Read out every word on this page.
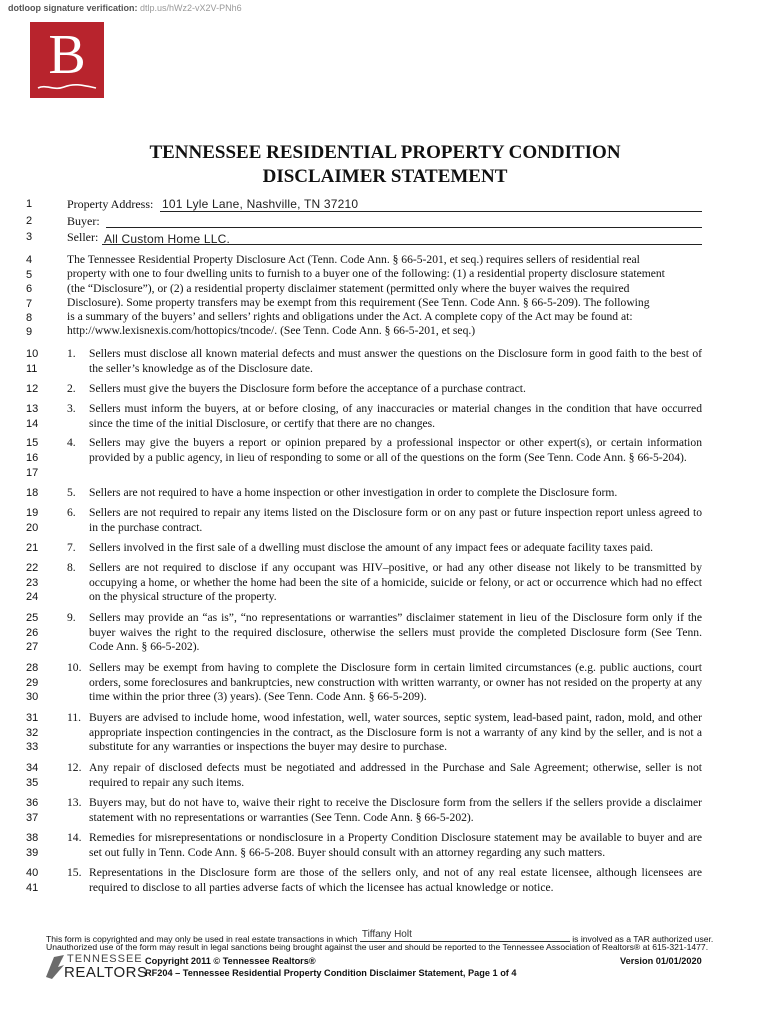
dotloop signature verification: dtlp.us/hWz2-vX2V-PNh6
B
TENNESSEE RESIDENTIAL PROPERTY CONDITION
DISCLAIMER STATEMENT
1
2
3
4
5
6
7
8
9
10
11
12
13
14
15
16
17
18
19
20
21
22
23
24
25
26
27
28
29
30
31
32
33
34
35
36
37
38
39
40
41
Property Address: 101 Lyle Lane, Nashville, TN 37210
Buyer:
Seller: All Custom Home LLC.
The Tennessee Residential Property Disclosure Act (Tenn. Code Ann. § 66-5-201, et seq.) requires sellers of residential real
property with one to four dwelling units to furnish to a buyer one of the following: (1) a residential property disclosure statement
(the “Disclosure”), or (2) a residential property disclaimer statement (permitted only where the buyer waives the required
Disclosure). Some property transfers may be exempt from this requirement (See Tenn. Code Ann. § 66-5-209). The following
is a summary of the buyers’ and sellers’ rights and obligations under the Act. A complete copy of the Act may be found at:
http://www.lexisnexis.com/hottopics/tncode/. (See Tenn. Code Ann. § 66-5-201, et seq.)
1. Sellers must disclose all known material defects and must answer the questions on the Disclosure form in good faith to the best of the seller’s knowledge as of the Disclosure date.
2. Sellers must give the buyers the Disclosure form before the acceptance of a purchase contract.
3. Sellers must inform the buyers, at or before closing, of any inaccuracies or material changes in the condition that have occurred since the time of the initial Disclosure, or certify that there are no changes.
4. Sellers may give the buyers a report or opinion prepared by a professional inspector or other expert(s), or certain information provided by a public agency, in lieu of responding to some or all of the questions on the form (See Tenn. Code Ann. § 66-5-204).
5. Sellers are not required to have a home inspection or other investigation in order to complete the Disclosure form.
6. Sellers are not required to repair any items listed on the Disclosure form or on any past or future inspection report unless agreed to in the purchase contract.
7. Sellers involved in the first sale of a dwelling must disclose the amount of any impact fees or adequate facility taxes paid.
8. Sellers are not required to disclose if any occupant was HIV–positive, or had any other disease not likely to be transmitted by occupying a home, or whether the home had been the site of a homicide, suicide or felony, or act or occurrence which had no effect on the physical structure of the property.
9. Sellers may provide an “as is”, “no representations or warranties” disclaimer statement in lieu of the Disclosure form only if the buyer waives the right to the required disclosure, otherwise the sellers must provide the completed Disclosure form (See Tenn. Code Ann. § 66-5-202).
10. Sellers may be exempt from having to complete the Disclosure form in certain limited circumstances (e.g. public auctions, court orders, some foreclosures and bankruptcies, new construction with written warranty, or owner has not resided on the property at any time within the prior three (3) years). (See Tenn. Code Ann. § 66-5-209).
11. Buyers are advised to include home, wood infestation, well, water sources, septic system, lead-based paint, radon, mold, and other appropriate inspection contingencies in the contract, as the Disclosure form is not a warranty of any kind by the seller, and is not a substitute for any warranties or inspections the buyer may desire to purchase.
12. Any repair of disclosed defects must be negotiated and addressed in the Purchase and Sale Agreement; otherwise, seller is not required to repair any such items.
13. Buyers may, but do not have to, waive their right to receive the Disclosure form from the sellers if the sellers provide a disclaimer statement with no representations or warranties (See Tenn. Code Ann. § 66-5-202).
14. Remedies for misrepresentations or nondisclosure in a Property Condition Disclosure statement may be available to buyer and are set out fully in Tenn. Code Ann. § 66-5-208. Buyer should consult with an attorney regarding any such matters.
15. Representations in the Disclosure form are those of the sellers only, and not of any real estate licensee, although licensees are required to disclose to all parties adverse facts of which the licensee has actual knowledge or notice.
This form is copyrighted and may only be used in real estate transactions in which Tiffany Holt	is involved as a TAR authorized user.
Unauthorized use of the form may result in legal sanctions being brought against the user and should be reported to the Tennessee Association of Realtors® at 615-321-1477.
TENNESSEE
REALTORS
Copyright 2011 © Tennessee Realtors®
RF204 – Tennessee Residential Property Condition Disclaimer Statement, Page 1 of 4
Version 01/01/2020
